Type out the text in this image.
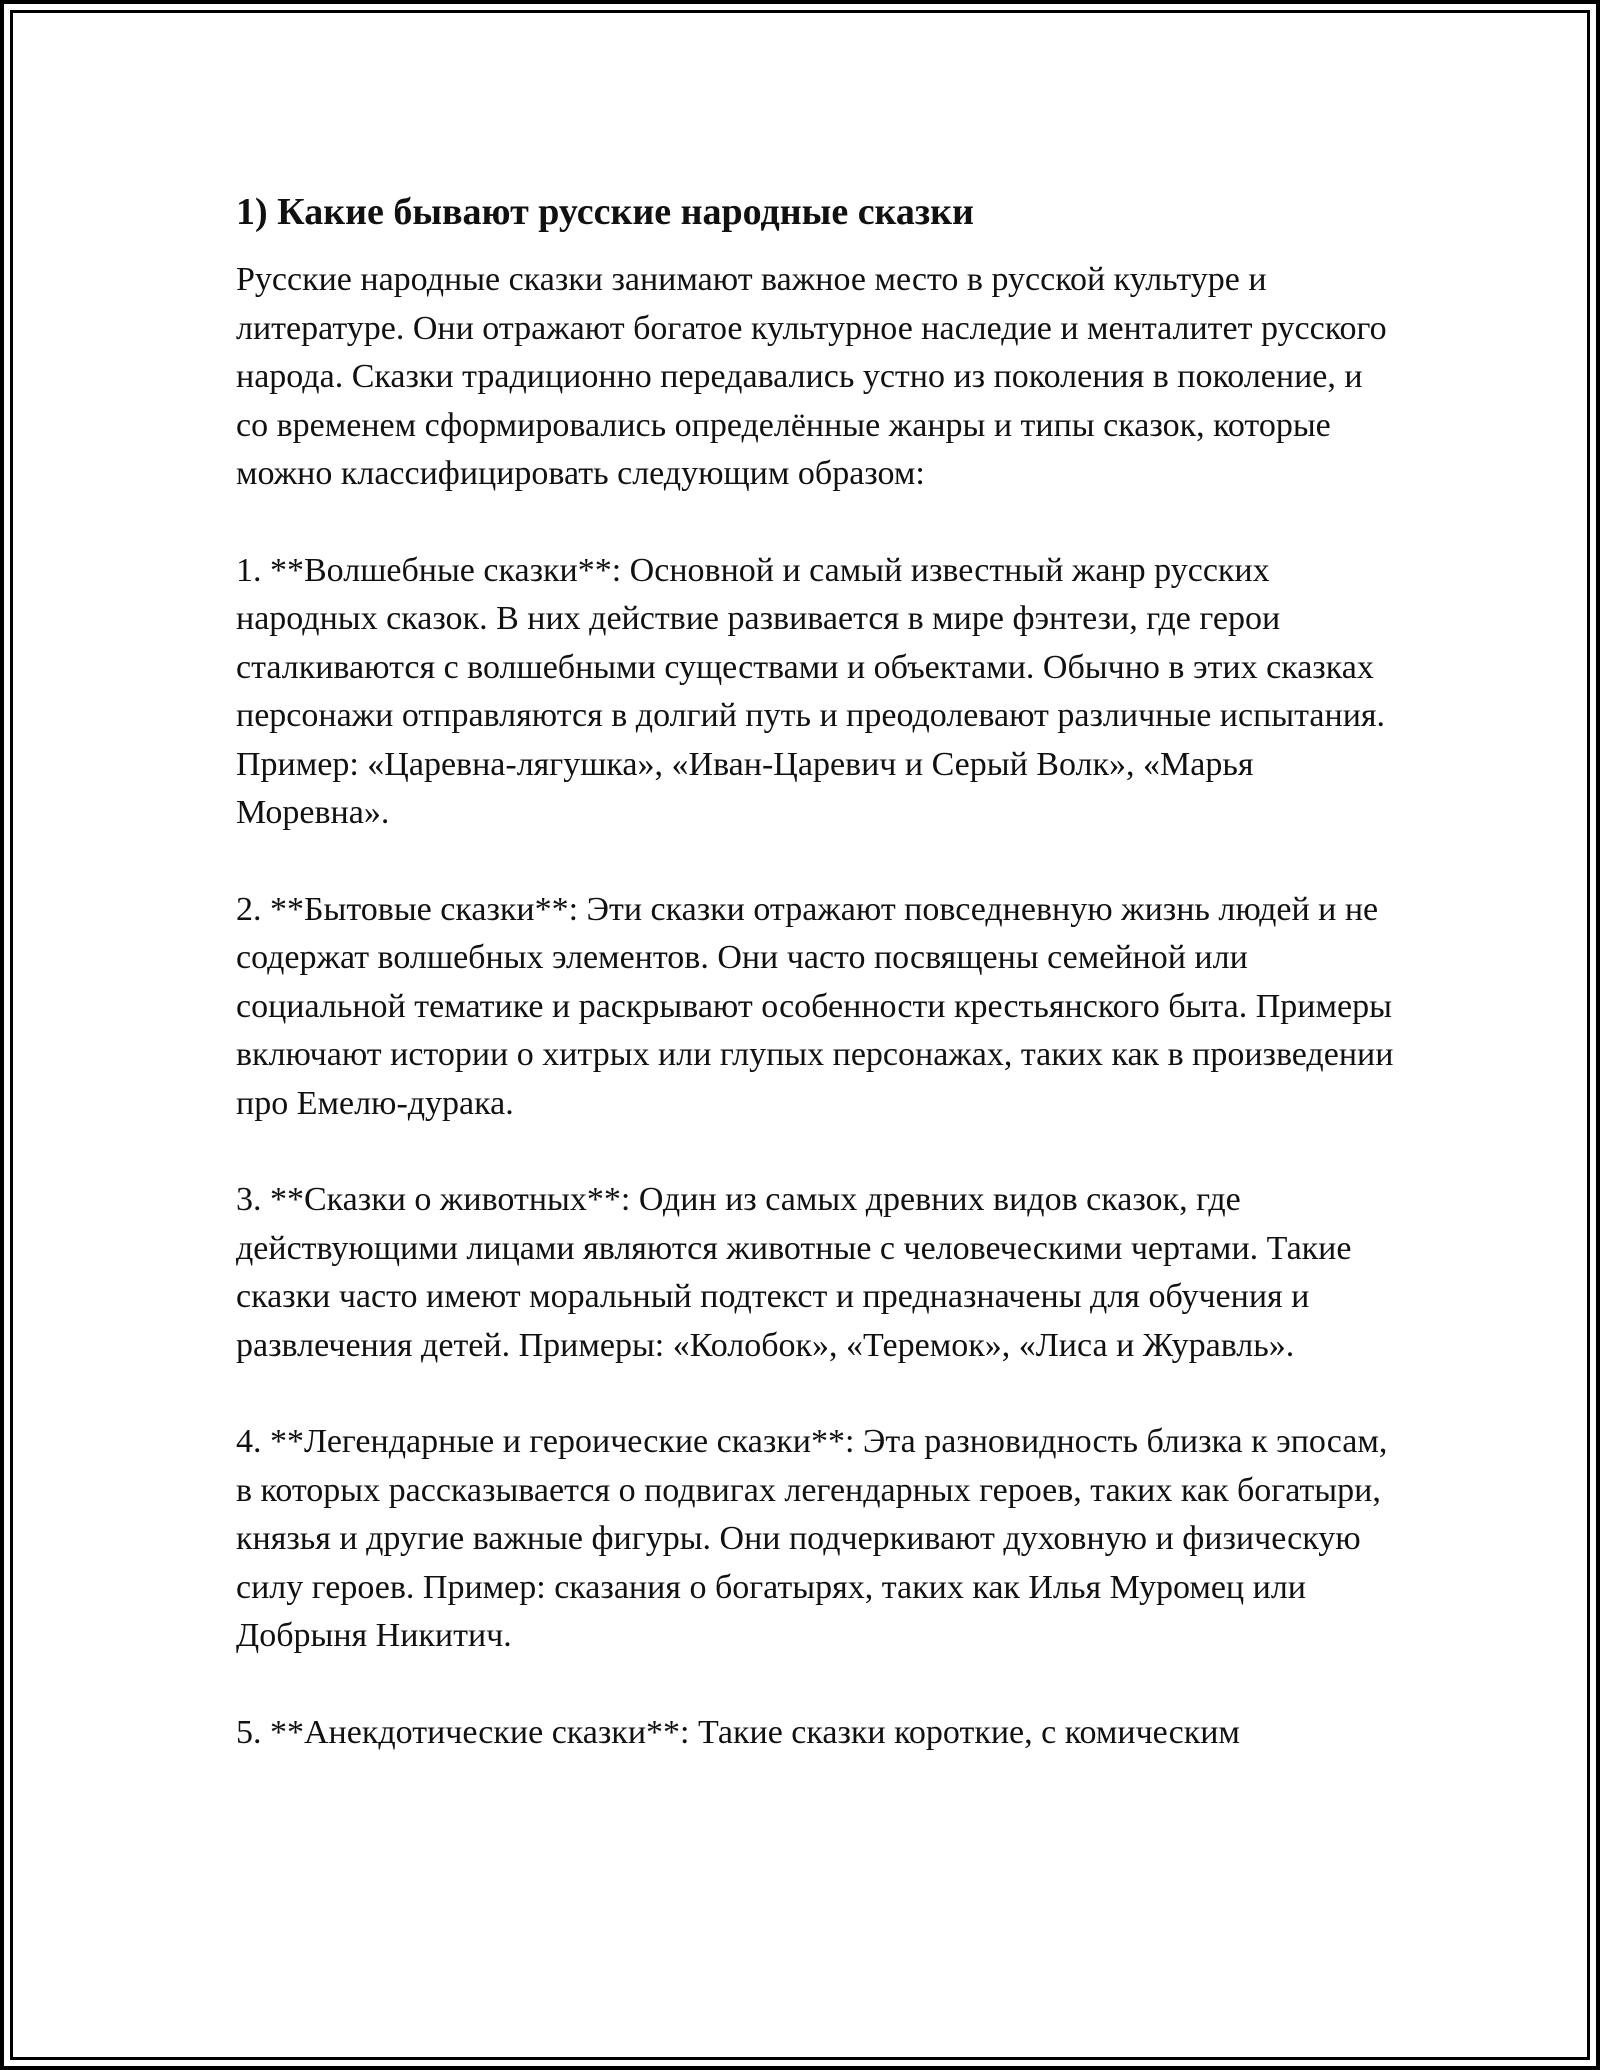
1) Какие бывают русские народные сказки

Русские народные сказки занимают важное место в русской культуре и литературе. Они отражают богатое культурное наследие и менталитет русского народа. Сказки традиционно передавались устно из поколения в поколение, и со временем сформировались определённые жанры и типы сказок, которые можно классифицировать следующим образом:

1. **Волшебные сказки**: Основной и самый известный жанр русских народных сказок. В них действие развивается в мире фэнтези, где герои сталкиваются с волшебными существами и объектами. Обычно в этих сказках персонажи отправляются в долгий путь и преодолевают различные испытания. Пример: «Царевна-лягушка», «Иван-Царевич и Серый Волк», «Марья Моревна».

2. **Бытовые сказки**: Эти сказки отражают повседневную жизнь людей и не содержат волшебных элементов. Они часто посвящены семейной или социальной тематике и раскрывают особенности крестьянского быта. Примеры включают истории о хитрых или глупых персонажах, таких как в произведении про Емелю-дурака.

3. **Сказки о животных**: Один из самых древних видов сказок, где действующими лицами являются животные с человеческими чертами. Такие сказки часто имеют моральный подтекст и предназначены для обучения и развлечения детей. Примеры: «Колобок», «Теремок», «Лиса и Журавль».

4. **Легендарные и героические сказки**: Эта разновидность близка к эпосам, в которых рассказывается о подвигах легендарных героев, таких как богатыри, князья и другие важные фигуры. Они подчеркивают духовную и физическую силу героев. Пример: сказания о богатырях, таких как Илья Муромец или Добрыня Никитич.

5. **Анекдотические сказки**: Такие сказки короткие, с комическим
